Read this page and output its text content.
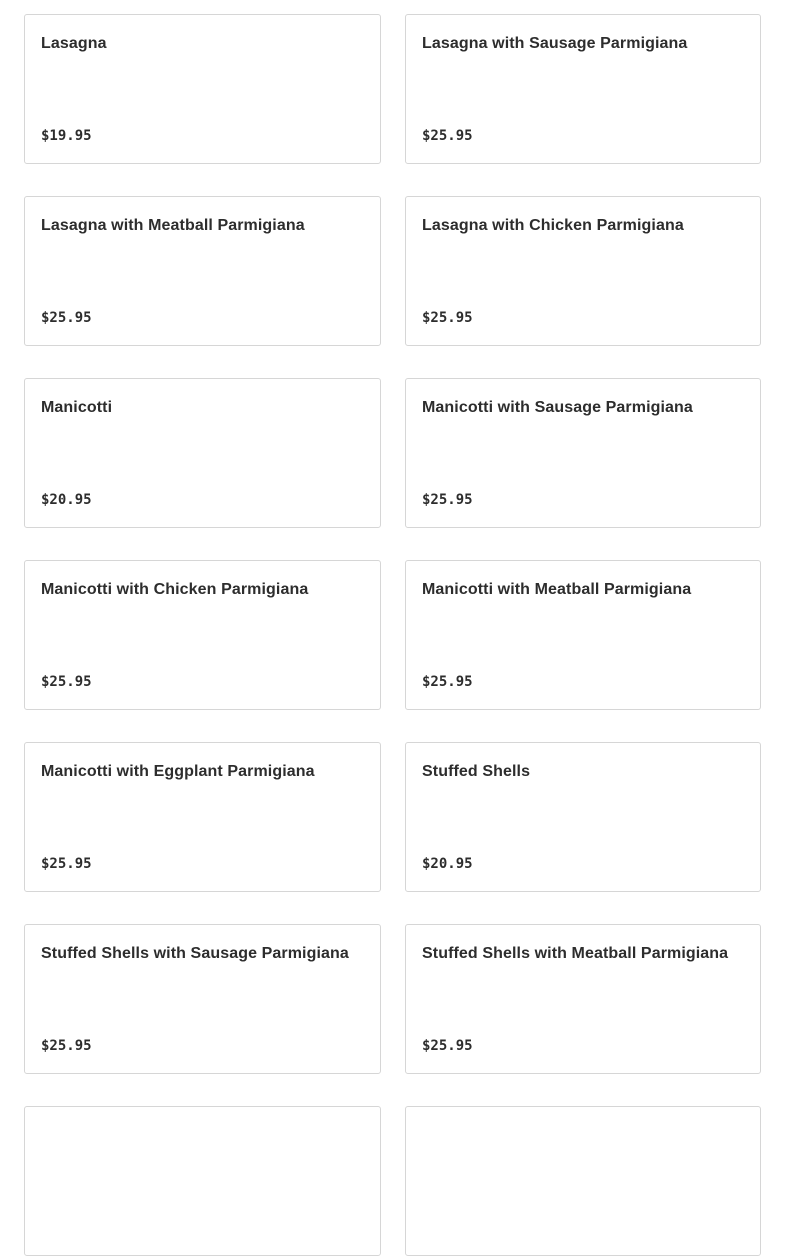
Lasagna
$19.95
Lasagna with Sausage Parmigiana
$25.95
Lasagna with Meatball Parmigiana
$25.95
Lasagna with Chicken Parmigiana
$25.95
Manicotti
$20.95
Manicotti with Sausage Parmigiana
$25.95
Manicotti with Chicken Parmigiana
$25.95
Manicotti with Meatball Parmigiana
$25.95
Manicotti with Eggplant Parmigiana
$25.95
Stuffed Shells
$20.95
Stuffed Shells with Sausage Parmigiana
$25.95
Stuffed Shells with Meatball Parmigiana
$25.95
